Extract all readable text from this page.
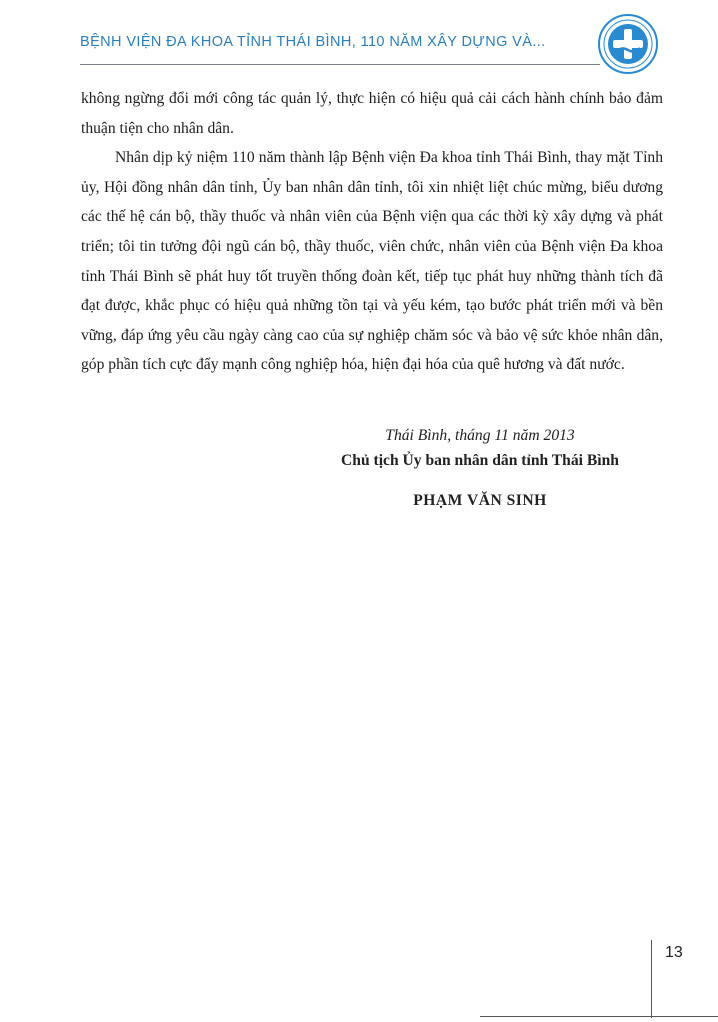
BỆNH VIỆN ĐA KHOA TỈNH THÁI BÌNH, 110 NĂM XÂY DỰNG VÀ...

không ngừng đổi mới công tác quản lý, thực hiện có hiệu quả cải cách hành chính bảo đảm thuận tiện cho nhân dân.

Nhân dịp kỷ niệm 110 năm thành lập Bệnh viện Đa khoa tỉnh Thái Bình, thay mặt Tỉnh ủy, Hội đồng nhân dân tỉnh, Ủy ban nhân dân tỉnh, tôi xin nhiệt liệt chúc mừng, biểu dương các thế hệ cán bộ, thầy thuốc và nhân viên của Bệnh viện qua các thời kỳ xây dựng và phát triển; tôi tin tưởng đội ngũ cán bộ, thầy thuốc, viên chức, nhân viên của Bệnh viện Đa khoa tỉnh Thái Bình sẽ phát huy tốt truyền thống đoàn kết, tiếp tục phát huy những thành tích đã đạt được, khắc phục có hiệu quả những tồn tại và yếu kém, tạo bước phát triển mới và bền vững, đáp ứng yêu cầu ngày càng cao của sự nghiệp chăm sóc và bảo vệ sức khỏe nhân dân, góp phần tích cực đẩy mạnh công nghiệp hóa, hiện đại hóa của quê hương và đất nước.

Thái Bình, tháng 11 năm 2013
Chủ tịch Ủy ban nhân dân tỉnh Thái Bình
PHẠM VĂN SINH
13
